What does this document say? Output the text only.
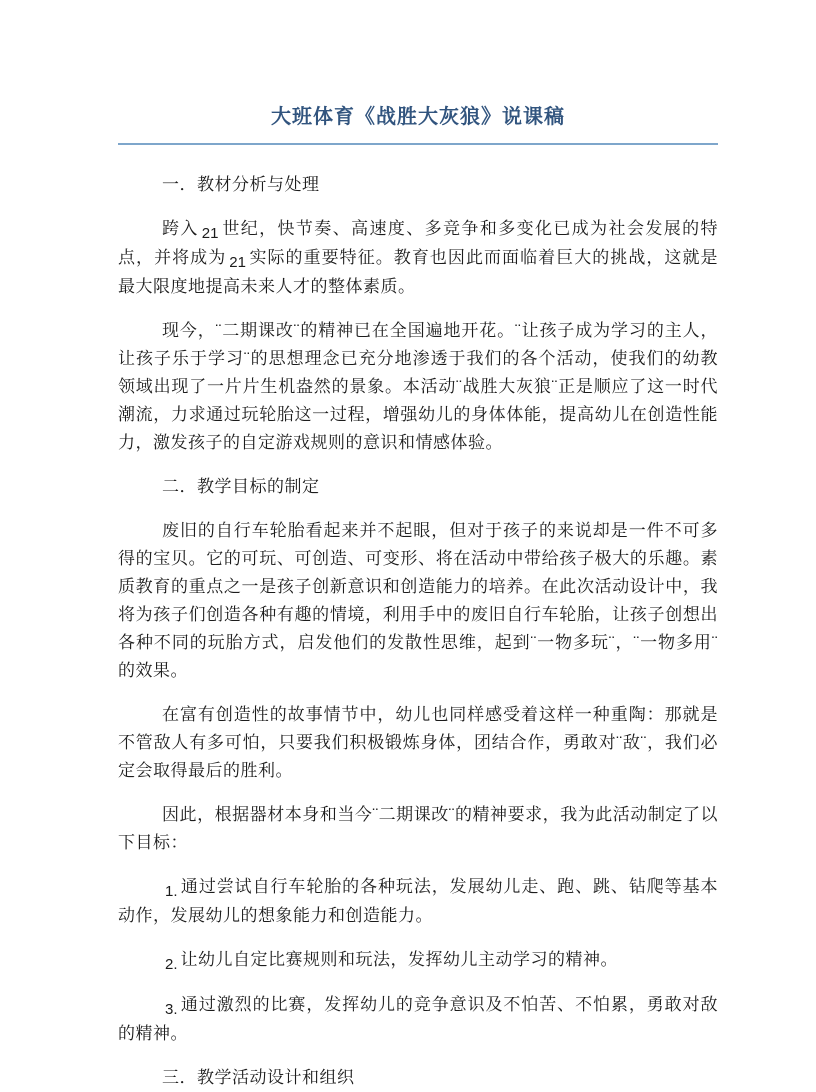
大班体育《战胜大灰狼》说课稿

一．教材分析与处理

跨入 21 世纪，快节奏、高速度、多竞争和多变化已成为社会发展的特点，并将成为 21 实际的重要特征。教育也因此而面临着巨大的挑战，这就是最大限度地提高未来人才的整体素质。

现今，¨二期课改¨的精神已在全国遍地开花。¨让孩子成为学习的主人，让孩子乐于学习¨的思想理念已充分地渗透于我们的各个活动，使我们的幼教领域出现了一片片生机盎然的景象。本活动¨战胜大灰狼¨正是顺应了这一时代潮流，力求通过玩轮胎这一过程，增强幼儿的身体体能，提高幼儿在创造性能力，激发孩子的自定游戏规则的意识和情感体验。

二．教学目标的制定

废旧的自行车轮胎看起来并不起眼，但对于孩子的来说却是一件不可多得的宝贝。它的可玩、可创造、可变形、将在活动中带给孩子极大的乐趣。素质教育的重点之一是孩子创新意识和创造能力的培养。在此次活动设计中，我将为孩子们创造各种有趣的情境，利用手中的废旧自行车轮胎，让孩子创想出各种不同的玩胎方式，启发他们的发散性思维，起到¨一物多玩¨，¨一物多用¨的效果。

在富有创造性的故事情节中，幼儿也同样感受着这样一种重陶：那就是不管敌人有多可怕，只要我们积极锻炼身体，团结合作，勇敢对¨敌¨，我们必定会取得最后的胜利。

因此，根据器材本身和当今¨二期课改¨的精神要求，我为此活动制定了以下目标：

1. 通过尝试自行车轮胎的各种玩法，发展幼儿走、跑、跳、钻爬等基本动作，发展幼儿的想象能力和创造能力。

2. 让幼儿自定比赛规则和玩法，发挥幼儿主动学习的精神。

3. 通过激烈的比赛，发挥幼儿的竞争意识及不怕苦、不怕累，勇敢对敌的精神。

三．教学活动设计和组织
